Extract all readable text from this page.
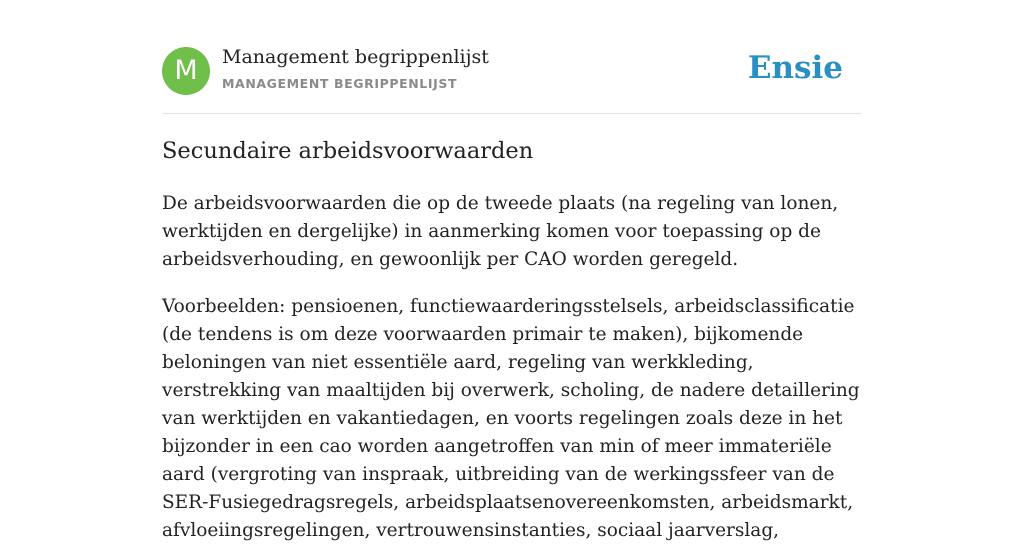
M	Management begrippenlijst
MANAGEMENT BEGRIPPENLIJST	Ensie
Secundaire arbeidsvoorwaarden

De arbeidsvoorwaarden die op de tweede plaats (na regeling van lonen, werktijden en dergelijke) in aanmerking komen voor toepassing op de arbeidsverhouding, en gewoonlijk per CAO worden geregeld.

Voorbeelden: pensioenen, functiewaarderingsstelsels, arbeidsclassificatie (de tendens is om deze voorwaarden primair te maken), bijkomende beloningen van niet essentiële aard, regeling van werkkleding, verstrekking van maaltijden bij overwerk, scholing, de nadere detaillering van werktijden en vakantiedagen, en voorts regelingen zoals deze in het bijzonder in een cao worden aangetroffen van min of meer immateriële aard (vergroting van inspraak, uitbreiding van de werkingssfeer van de SER-Fusiegedragsregels, arbeidsplaatsenovereenkomsten, arbeidsmarkt, afvloeiingsregelingen, vertrouwensinstanties, sociaal jaarverslag,
